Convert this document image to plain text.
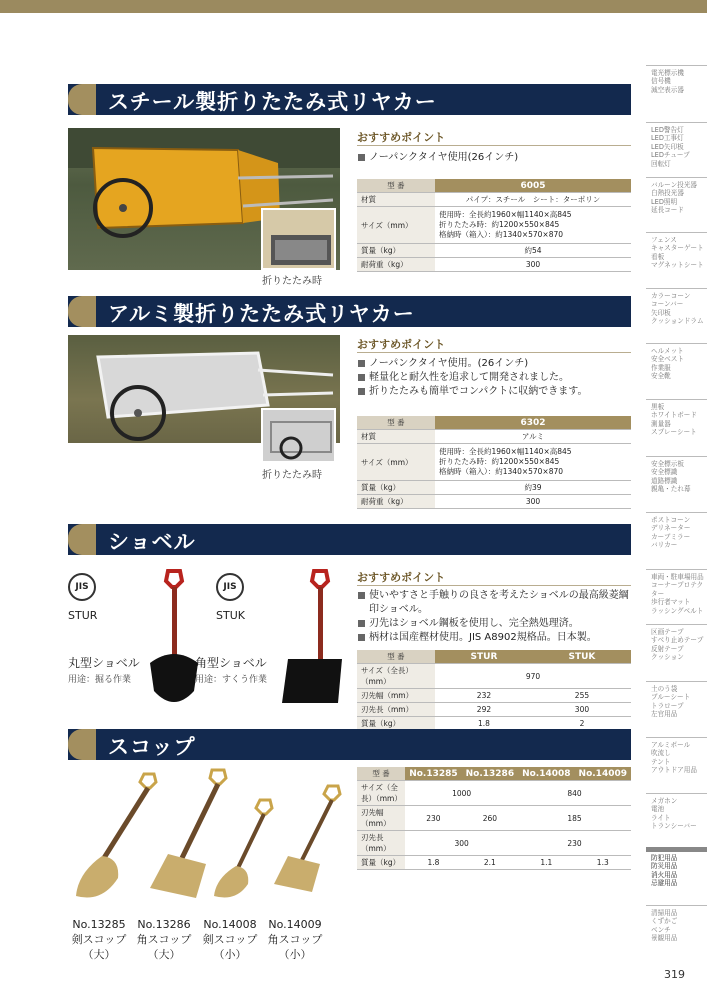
スチール製折りたたみ式リヤカー
折りたたみ時
おすすめポイント
ノーパンクタイヤ使用(26インチ)
型 番	6005
材質	パイプ：スチール　シート：ターポリン
サイズ（mm）	使用時：全長約1960×幅1140×高845
折りたたみ時：約1200×550×845
格納時（箱入）：約1340×570×870

質量（kg）	約54
耐荷重（kg）	300
アルミ製折りたたみ式リヤカー
折りたたみ時
おすすめポイント
ノーパンクタイヤ使用。(26インチ)
軽量化と耐久性を追求して開発されました。
折りたたみも簡単でコンパクトに収納できます。
型 番	6302
材質	アルミ
サイズ（mm）	使用時：全長約1960×幅1140×高845
折りたたみ時：約1200×550×845
格納時（箱入）：約1340×570×870

質量（kg）	約39
耐荷重（kg）	300
ショベル
JIS
STUR
JIS
STUK
丸型ショベル
用途：掘る作業
角型ショベル
用途：すくう作業
おすすめポイント
使いやすさと手触りの良さを考えたショベルの最高級菱綱印ショベル。
刃先はショベル鋼板を使用し、完全熱処理済。
柄材は国産樫材使用。JIS A8902規格品。日本製。
型 番	STUR	STUK
サイズ（全長）（mm）	970	
刃先幅（mm）	232	255
刃先長（mm）	292	300
質量（kg）	1.8	2
スコップ
型 番	No.13285	No.13286	No.14008	No.14009
サイズ（全長）（mm）	1000		840	
刃先幅（mm）	230	260	185	
刃先長（mm）	300		230	
質量（kg）	1.8	2.1	1.1	1.3
No.13285
剣スコップ
（大）
No.13286
角スコップ
（大）
No.14008
剣スコップ
（小）
No.14009
角スコップ
（小）
電光標示機
信号機
減空表示器
LED警告灯
LED工事灯
LED矢印板
LEDチューブ
回転灯
バルーン投光器
白熱投光器
LED照明
延長コード
フェンス
キャスターゲート
看板
マグネットシート
カラーコーン
コーンバー
矢印板
クッションドラム
ヘルメット
安全ベスト
作業服
安全靴
黒板
ホワイトボード
測量器
スプレーシート
安全標示板
安全標識
道路標識
親亀・たれ幕
ポストコーン
デリネーター
カーブミラー
バリカー
車両・駐車場用品
コーナープロテクター
歩行者マット
ラッシングベルト
区画テープ
すべり止めテープ
反射テープ
クッション
土のう袋
ブルーシート
トラロープ
左官用品
アルミボール
吹流し
テント
アウトドア用品
メガホン
電池
ライト
トランシーバー
防犯用品
防災用品
消火用品
忌避用品
清掃用品
くずかご
ベンチ
景観用品
319
